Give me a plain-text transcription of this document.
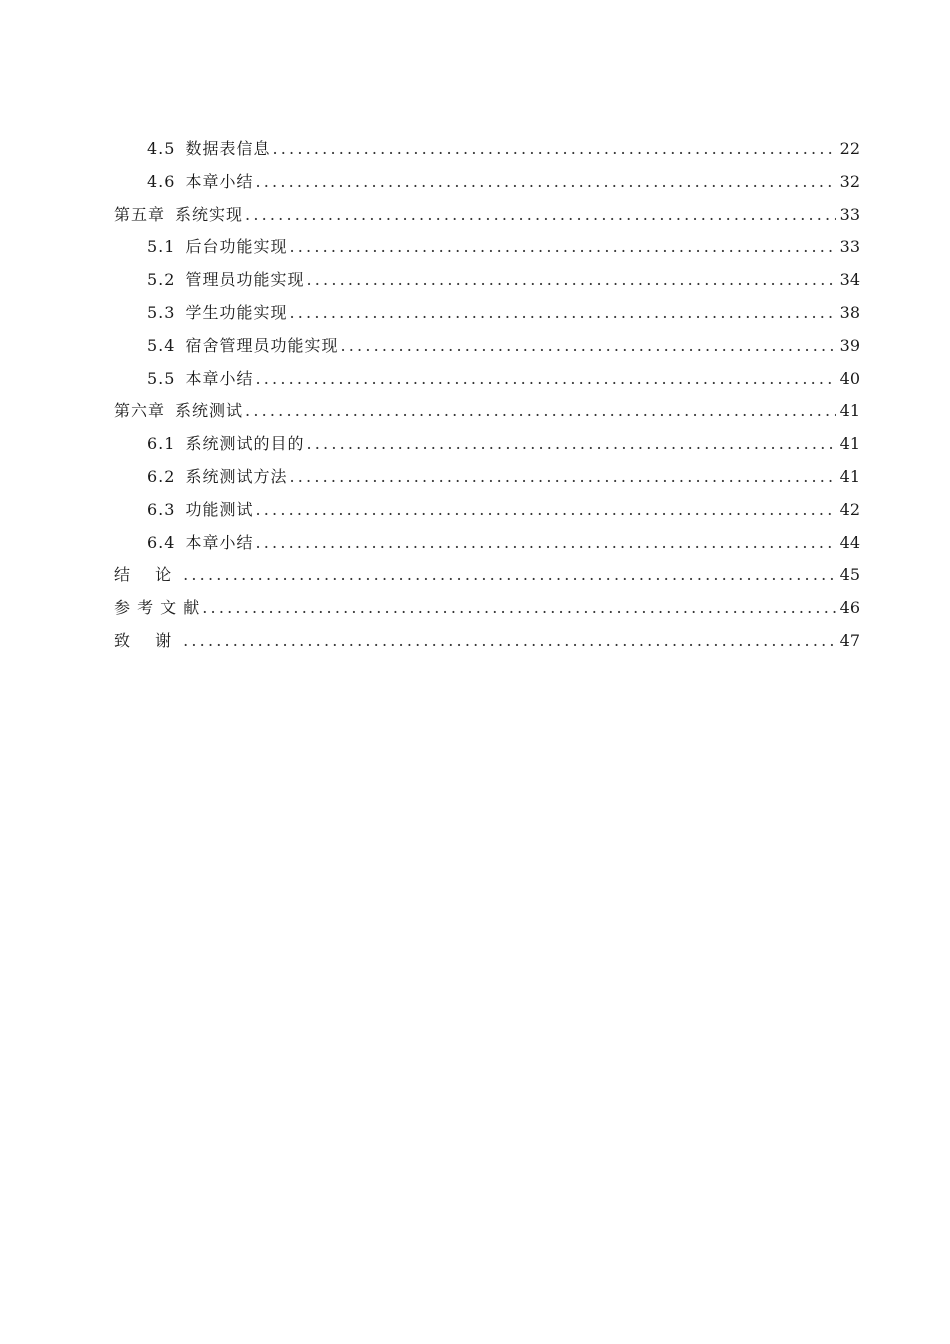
4.5 数据表信息 .....	22
4.6 本章小结 .....	32
第五章 系统实现 .....	33
5.1 后台功能实现 .....	33
5.2 管理员功能实现 .....	34
5.3 学生功能实现 .....	38
5.4 宿舍管理员功能实现 .....	39
5.5 本章小结 .....	40
第六章 系统测试 .....	41
6.1 系统测试的目的 .....	41
6.2 系统测试方法 .....	41
6.3 功能测试 .....	42
6.4 本章小结 .....	44
结 论 .....	45
参 考 文 献 .....	46
致 谢 .....	47
